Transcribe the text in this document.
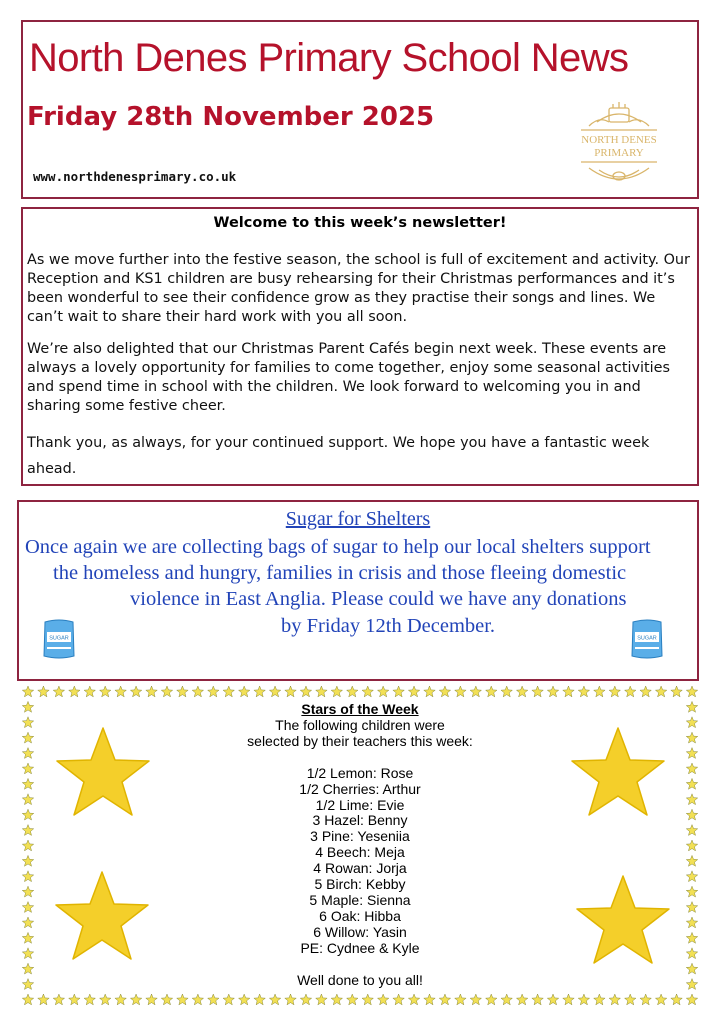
North Denes Primary School News
Friday 28th November 2025
www.northdenesprimary.co.uk
NORTH DENES
PRIMARY
Welcome to this week’s newsletter!

As we move further into the festive season, the school is full of excitement and activity. Our Reception and KS1 children are busy rehearsing for their Christmas performances and it’s been wonderful to see their confidence grow as they practise their songs and lines. We can’t wait to share their hard work with you all soon.

We’re also delighted that our Christmas Parent Cafés begin next week. These events are always a lovely opportunity for families to come together, enjoy some seasonal activities and spend time in school with the children. We look forward to welcoming you in and sharing some festive cheer.

Thank you, as always, for your continued support. We hope you have a fantastic week ahead.

Sugar for Shelters

Once again we are collecting bags of sugar to help our local shelters support

the homeless and hungry, families in crisis and those fleeing domestic

violence in East Anglia. Please could we have any donations

by Friday 12th December.

SUGAR	SUGAR
Stars of the Week
The following children were
selected by their teachers this week:
1/2 Lemon: Rose
1/2 Cherries: Arthur
1/2 Lime: Evie
3 Hazel: Benny
3 Pine: Yeseniia
4 Beech: Meja
4 Rowan: Jorja
5 Birch: Kebby
5 Maple: Sienna
6 Oak: Hibba
6 Willow: Yasin
PE: Cydnee & Kyle
Well done to you all!
